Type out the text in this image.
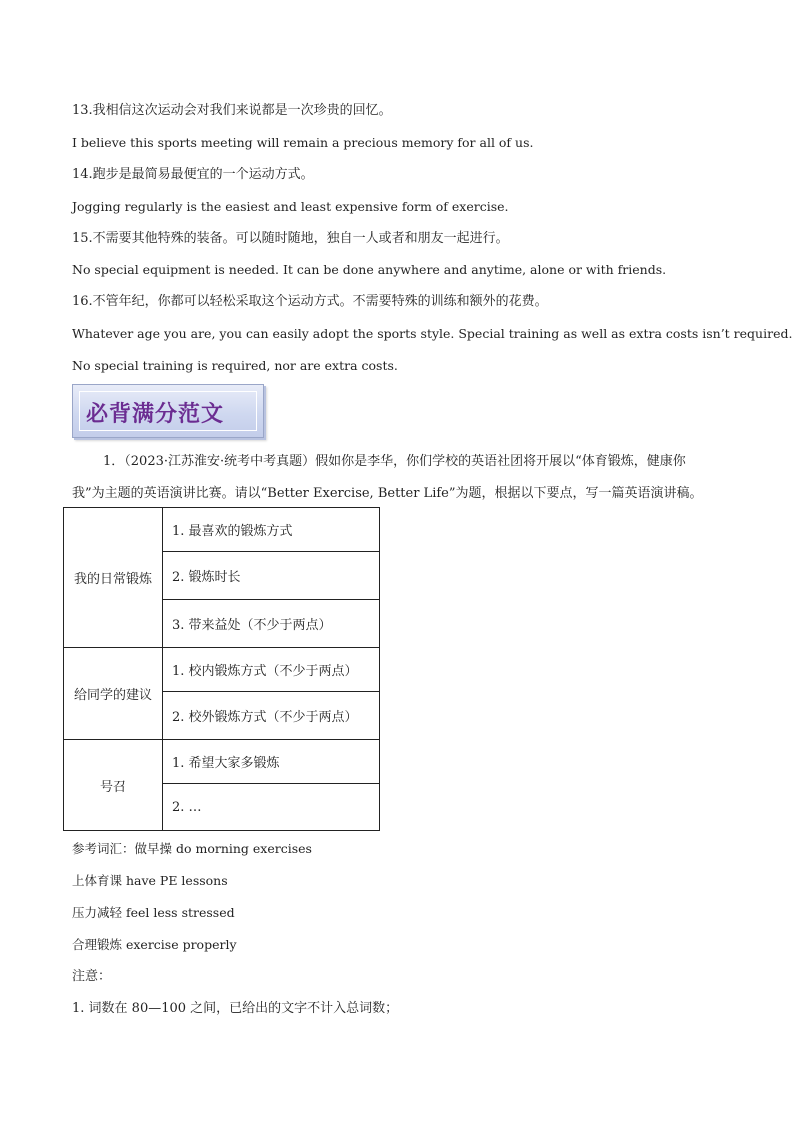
13.我相信这次运动会对我们来说都是一次珍贵的回忆。
I believe this sports meeting will remain a precious memory for all of us.
14.跑步是最简易最便宜的一个运动方式。
Jogging regularly is the easiest and least expensive form of exercise.
15.不需要其他特殊的装备。可以随时随地，独自一人或者和朋友一起进行。
No special equipment is needed. It can be done anywhere and anytime, alone or with friends.
16.不管年纪，你都可以轻松采取这个运动方式。不需要特殊的训练和额外的花费。
Whatever age you are, you can easily adopt the sports style. Special training as well as extra costs isn’t required.
No special training is required, nor are extra costs.
必背满分范文
1．（2023·江苏淮安·统考中考真题）假如你是李华，你们学校的英语社团将开展以“体育锻炼，健康你
我”为主题的英语演讲比赛。请以“Better Exercise, Better Life”为题，根据以下要点，写一篇英语演讲稿。
我的日常锻炼	1. 最喜欢的锻炼方式
	2. 锻炼时长
	3. 带来益处（不少于两点）
给同学的建议	1. 校内锻炼方式（不少于两点）
	2. 校外锻炼方式（不少于两点）
号召	1. 希望大家多锻炼
	2. …
参考词汇：做早操 do morning exercises
上体育课 have PE lessons
压力减轻 feel less stressed
合理锻炼 exercise properly
注意：
1. 词数在 80—100 之间，已给出的文字不计入总词数；
